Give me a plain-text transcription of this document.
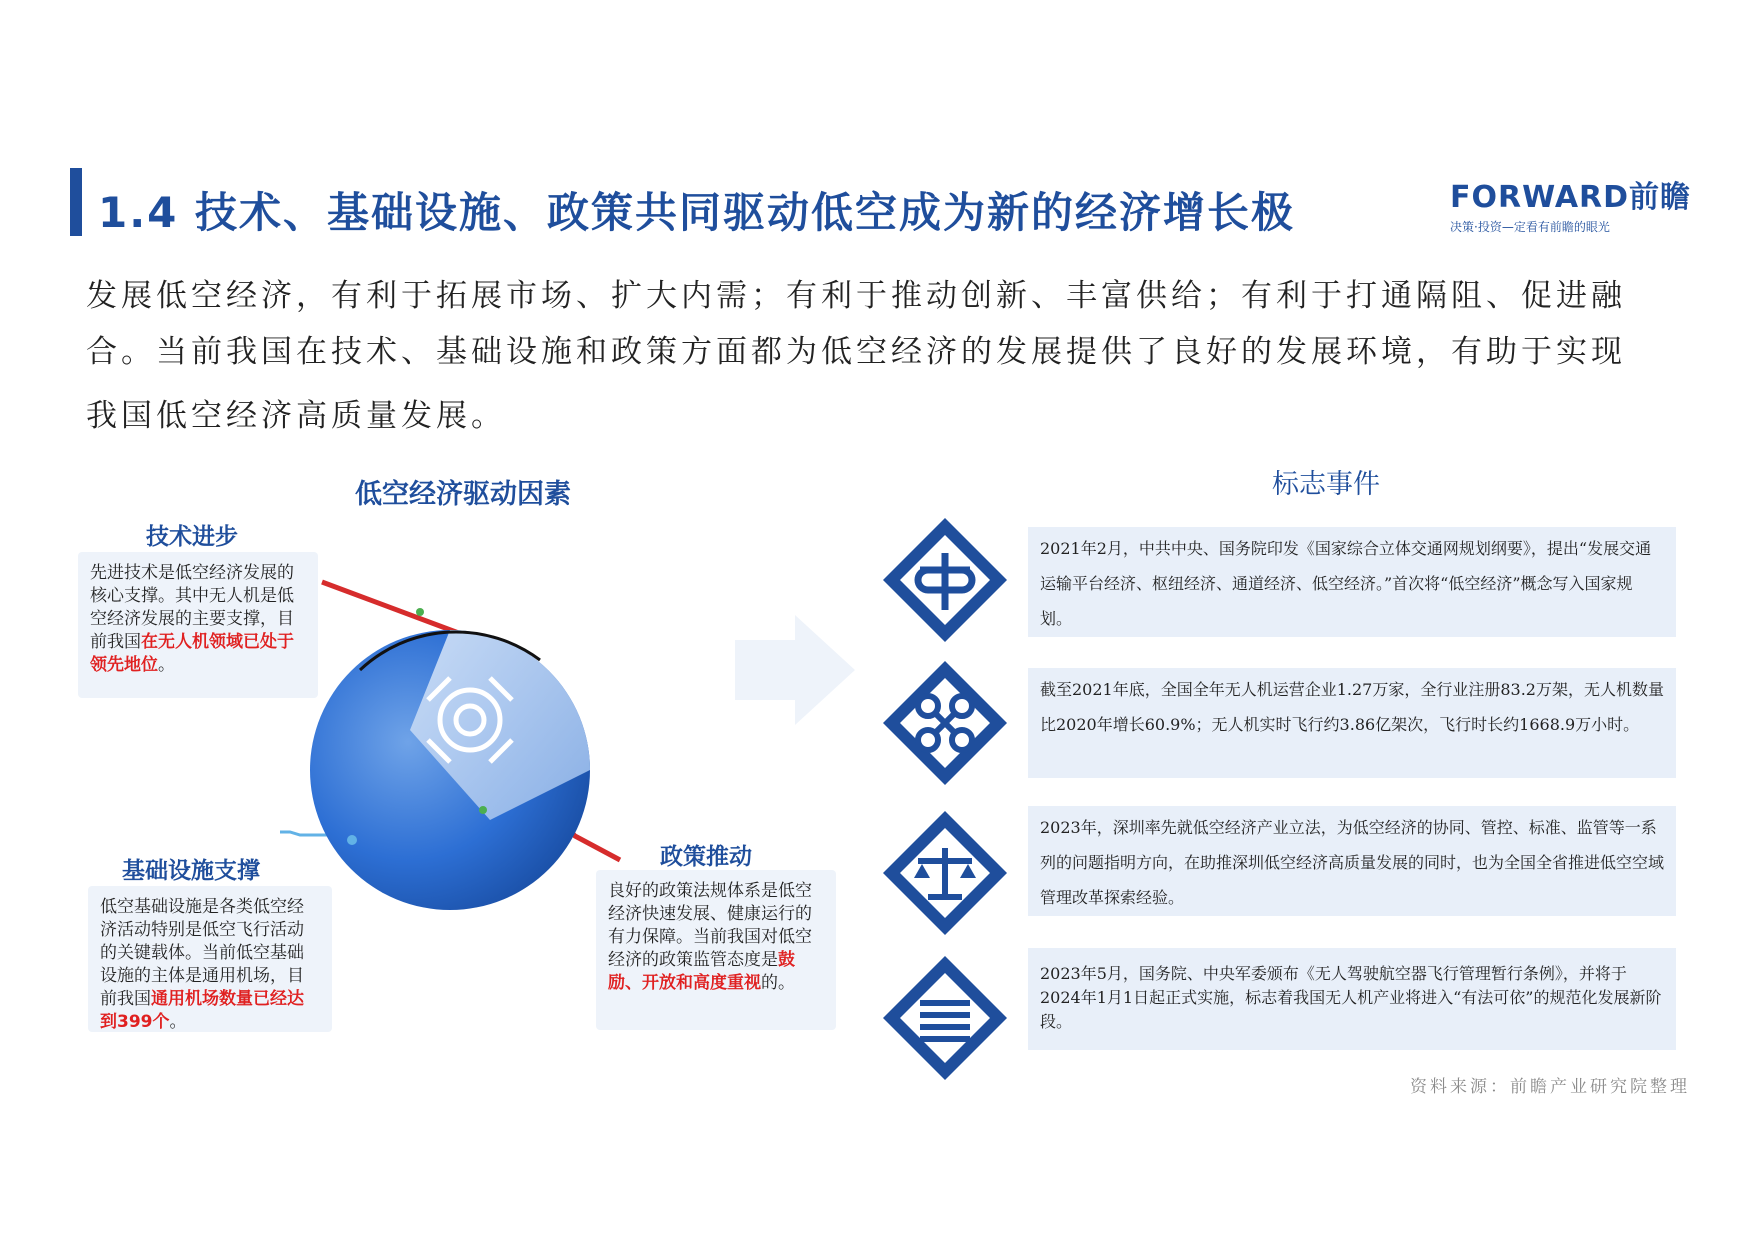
1.4 技术、基础设施、政策共同驱动低空成为新的经济增长极	FORWARD前瞻
决策·投资—定看有前瞻的眼光
发展低空经济，有利于拓展市场、扩大内需；有利于推动创新、丰富供给；有利于打通隔阻、促进融
合。当前我国在技术、基础设施和政策方面都为低空经济的发展提供了良好的发展环境，有助于实现
我国低空经济高质量发展。
低空经济驱动因素
技术进步
先进技术是低空经济发展的核心支撑。其中无人机是低空经济发展的主要支撑，目前我国在无人机领域已处于领先地位。
基础设施支撑
低空基础设施是各类低空经济活动特别是低空飞行活动的关键载体。当前低空基础设施的主体是通用机场，目前我国通用机场数量已经达到399个。
政策推动
良好的政策法规体系是低空经济快速发展、健康运行的有力保障。当前我国对低空经济的政策监管态度是鼓励、开放和高度重视的。
标志事件
2021年2月，中共中央、国务院印发《国家综合立体交通网规划纲要》，提出“发展交通运输平台经济、枢纽经济、通道经济、低空经济。”首次将“低空经济”概念写入国家规划。
截至2021年底，全国全年无人机运营企业1.27万家，全行业注册83.2万架，无人机数量比2020年增长60.9%；无人机实时飞行约3.86亿架次，飞行时长约1668.9万小时。
2023年，深圳率先就低空经济产业立法，为低空经济的协同、管控、标准、监管等一系列的问题指明方向，在助推深圳低空经济高质量发展的同时，也为全国全省推进低空空域管理改革探索经验。
2023年5月，国务院、中央军委颁布《无人驾驶航空器飞行管理暂行条例》，并将于2024年1月1日起正式实施，标志着我国无人机产业将进入“有法可依”的规范化发展新阶段。
资料来源：前瞻产业研究院整理
